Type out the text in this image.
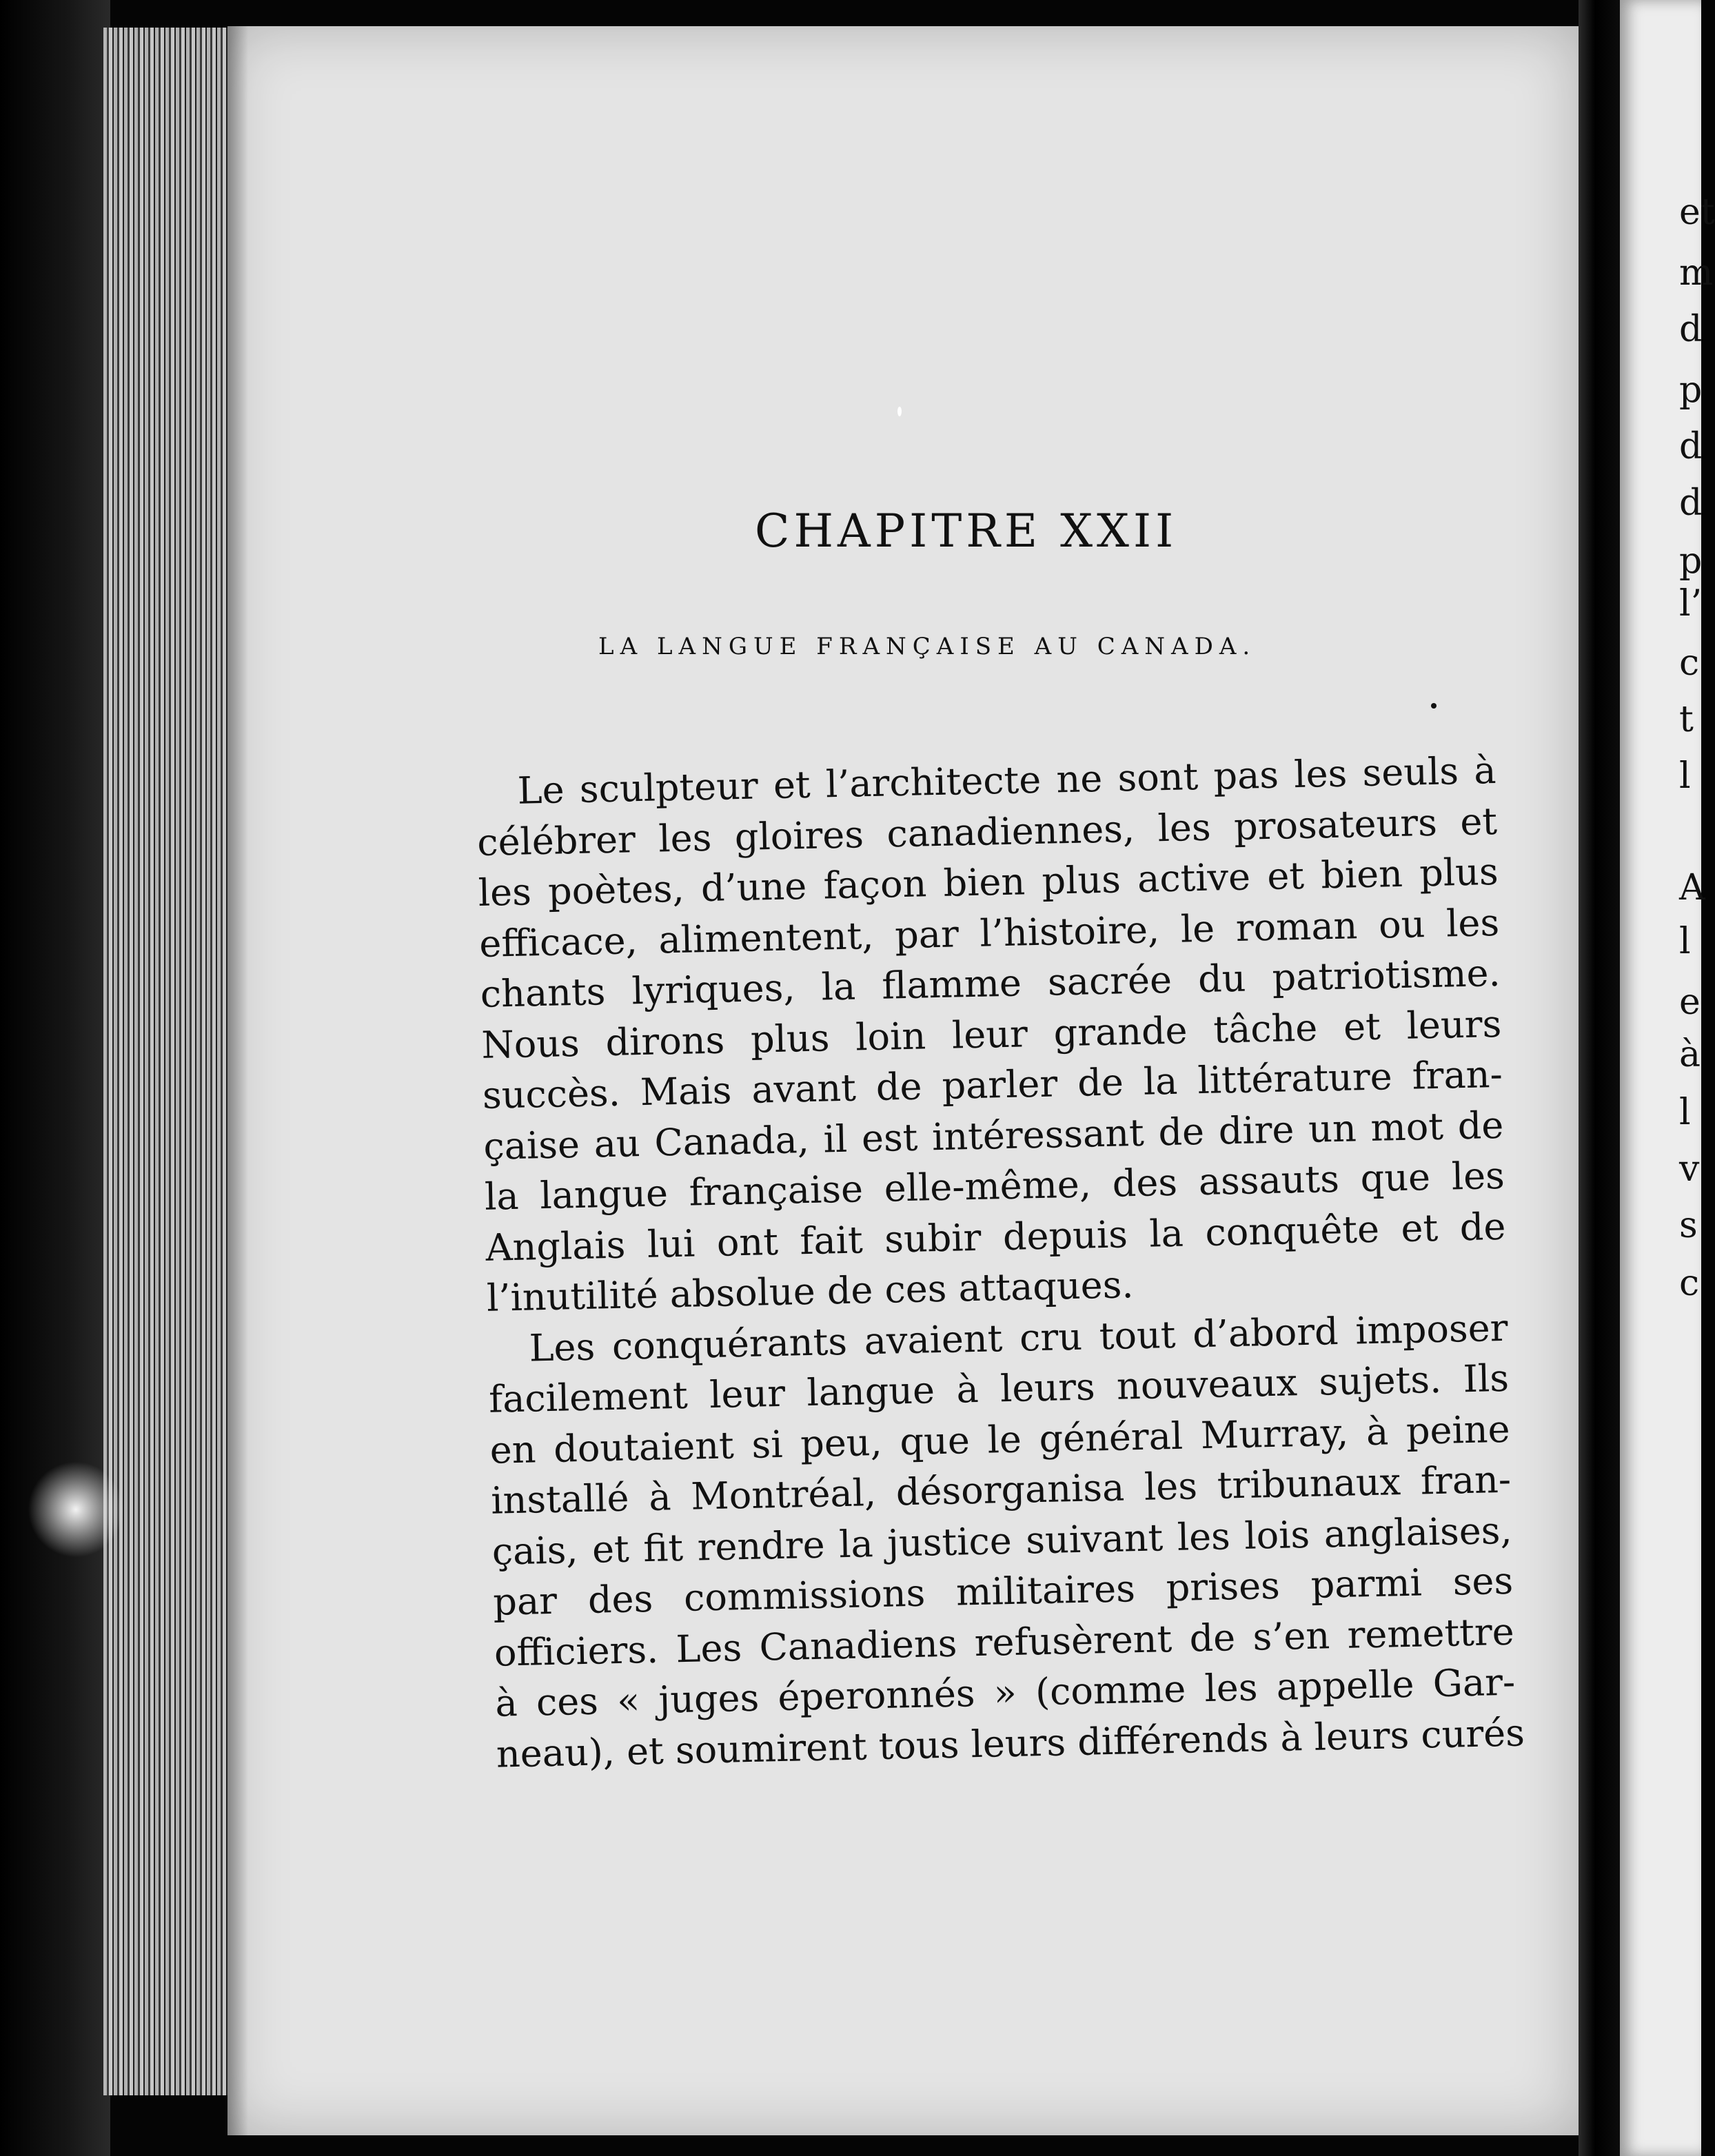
CHAPITRE XXII
LA LANGUE FRANÇAISE AU CANADA.
Le sculpteur et l’architecte ne sont pas les seuls à
célébrer les gloires canadiennes, les prosateurs et
les poètes, d’une façon bien plus active et bien plus
efficace, alimentent, par l’histoire, le roman ou les
chants lyriques, la flamme sacrée du patriotisme.
Nous dirons plus loin leur grande tâche et leurs
succès. Mais avant de parler de la littérature fran-
çaise au Canada, il est intéressant de dire un mot de
la langue française elle-même, des assauts que les
Anglais lui ont fait subir depuis la conquête et de
l’inutilité absolue de ces attaques.
Les conquérants avaient cru tout d’abord imposer
facilement leur langue à leurs nouveaux sujets. Ils
en doutaient si peu, que le général Murray, à peine
installé à Montréal, désorganisa les tribunaux fran-
çais, et fit rendre la justice suivant les lois anglaises,
par des commissions militaires prises parmi ses
officiers. Les Canadiens refusèrent de s’en remettre
à ces « juges éperonnés » (comme les appelle Gar-
neau), et soumirent tous leurs différends à leurs curés
et
m
d
p
d
d
p
l’
c
t
l
A
l
e
à
l
v
s
c
